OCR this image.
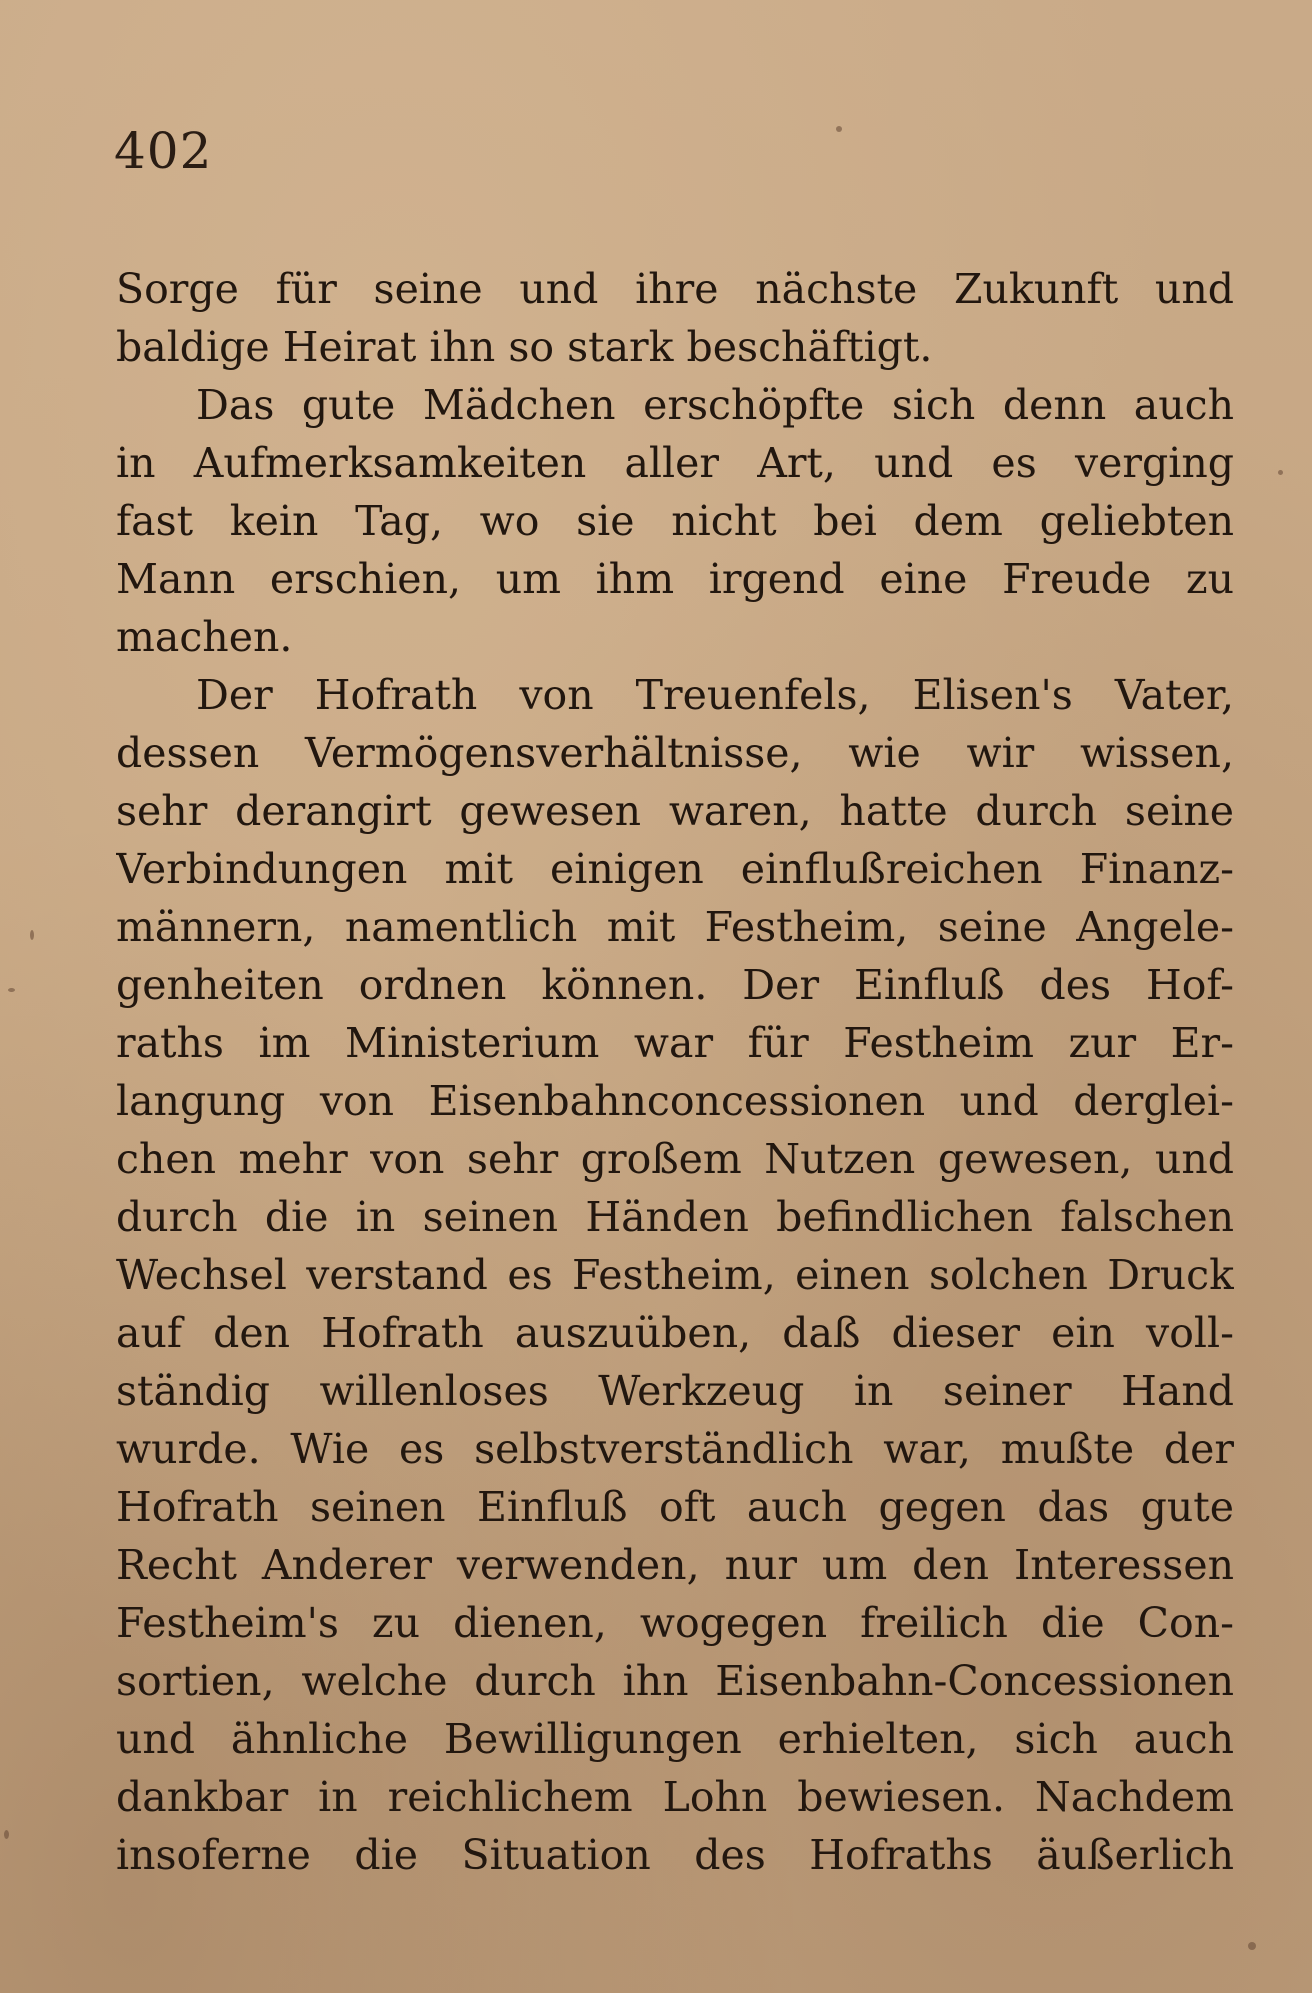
402
Sorge für seine und ihre nächste Zukunft und
baldige Heirat ihn so stark beschäftigt.
Das gute Mädchen erschöpfte sich denn auch
in Aufmerksamkeiten aller Art, und es verging
fast kein Tag, wo sie nicht bei dem geliebten
Mann erschien, um ihm irgend eine Freude zu
machen.
Der Hofrath von Treuenfels, Elisen's Vater,
dessen Vermögensverhältnisse, wie wir wissen,
sehr derangirt gewesen waren, hatte durch seine
Verbindungen mit einigen einflußreichen Finanz-
männern, namentlich mit Festheim, seine Angele-
genheiten ordnen können. Der Einfluß des Hof-
raths im Ministerium war für Festheim zur Er-
langung von Eisenbahnconcessionen und derglei-
chen mehr von sehr großem Nutzen gewesen, und
durch die in seinen Händen befindlichen falschen
Wechsel verstand es Festheim, einen solchen Druck
auf den Hofrath auszuüben, daß dieser ein voll-
ständig willenloses Werkzeug in seiner Hand
wurde. Wie es selbstverständlich war, mußte der
Hofrath seinen Einfluß oft auch gegen das gute
Recht Anderer verwenden, nur um den Interessen
Festheim's zu dienen, wogegen freilich die Con-
sortien, welche durch ihn Eisenbahn-Concessionen
und ähnliche Bewilligungen erhielten, sich auch
dankbar in reichlichem Lohn bewiesen. Nachdem
insoferne die Situation des Hofraths äußerlich
